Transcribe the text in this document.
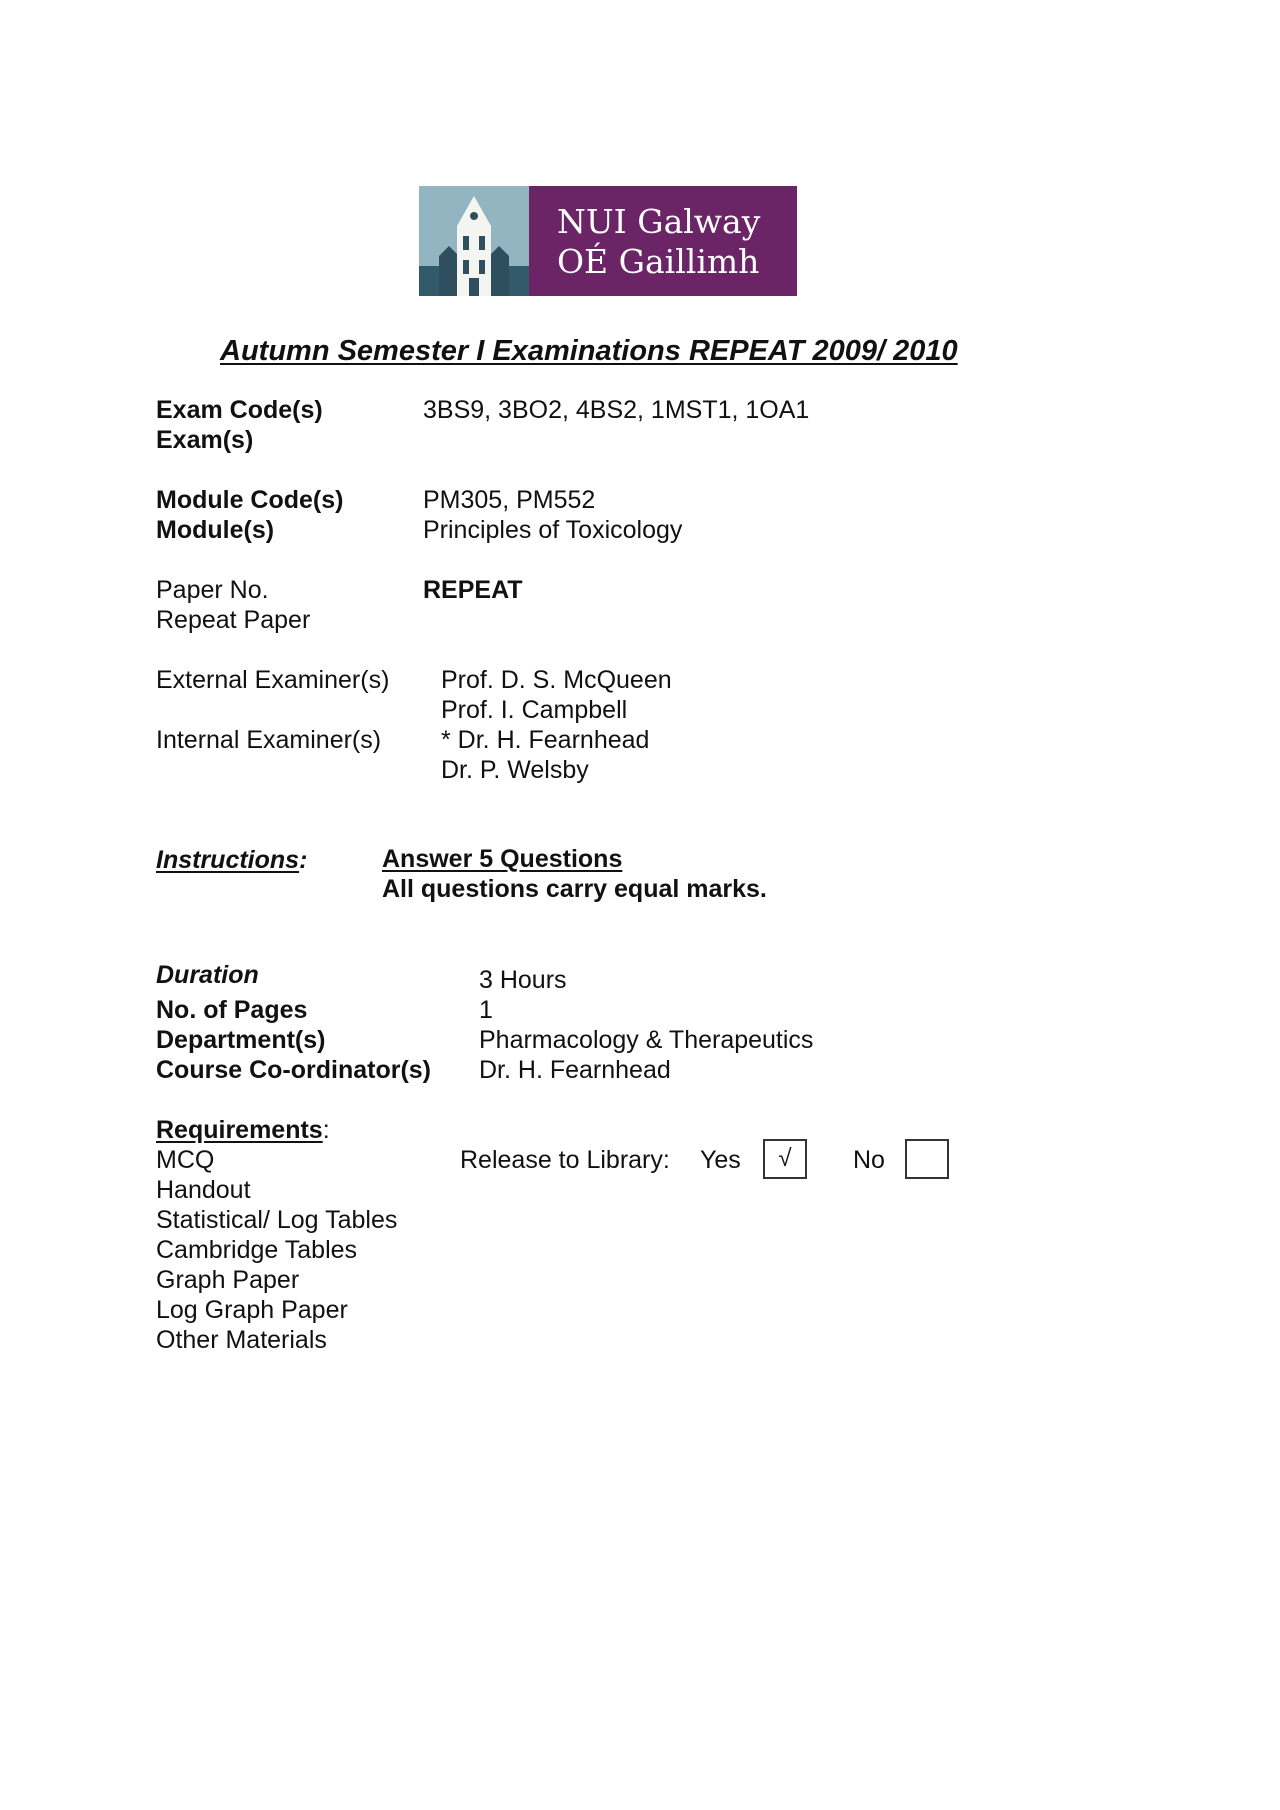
NUI Galway
OÉ Gaillimh
Autumn Semester I Examinations REPEAT 2009/ 2010
Exam Code(s)	3BS9, 3BO2, 4BS2, 1MST1, 1OA1
Exam(s)
Module Code(s)	PM305, PM552
Module(s)	Principles of Toxicology
Paper No.	REPEAT
Repeat Paper
External Examiner(s) Prof. D. S. McQueen
Prof. I. Campbell
Internal Examiner(s) * Dr. H. Fearnhead
Dr. P. Welsby
Instructions:	Answer 5 Questions
All questions carry equal marks.
Duration	3 Hours
No. of Pages	1
Department(s)	Pharmacology & Therapeutics
Course Co-ordinator(s) Dr. H. Fearnhead
Requirements:
MCQ
Handout
Statistical/ Log Tables
Cambridge Tables
Graph Paper
Log Graph Paper
Other Materials
Release to Library: Yes	√	No
